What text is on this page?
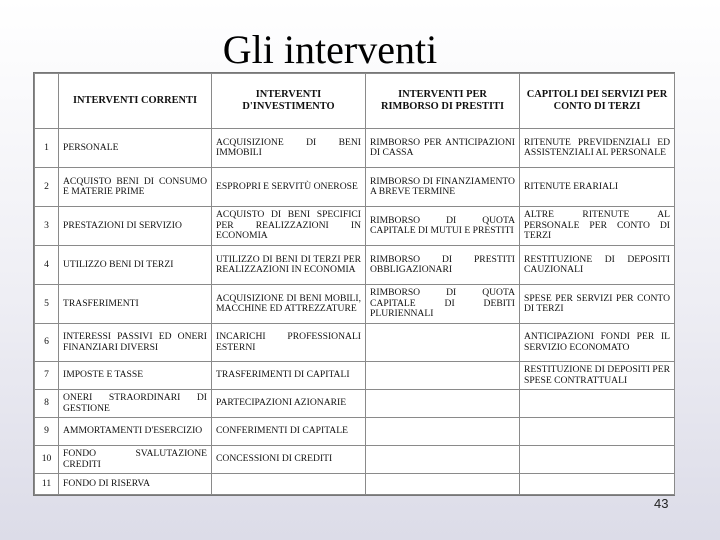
Gli interventi
	INTERVENTI CORRENTI	INTERVENTI D'INVESTIMENTO	INTERVENTI PER RIMBORSO DI PRESTITI	CAPITOLI DEI SERVIZI PER CONTO DI TERZI
1	PERSONALE	ACQUISIZIONE DI BENI IMMOBILI	RIMBORSO PER ANTICIPAZIONI DI CASSA	RITENUTE PREVIDENZIALI ED ASSISTENZIALI AL PERSONALE
2	ACQUISTO BENI DI CONSUMO E MATERIE PRIME	ESPROPRI E SERVITÙ ONEROSE	RIMBORSO DI FINANZIAMENTO A BREVE TERMINE	RITENUTE ERARIALI
3	PRESTAZIONI DI SERVIZIO	ACQUISTO DI BENI SPECIFICI PER REALIZZAZIONI IN ECONOMIA	RIMBORSO DI QUOTA CAPITALE DI MUTUI E PRESTITI	ALTRE RITENUTE AL PERSONALE PER CONTO DI TERZI
4	UTILIZZO BENI DI TERZI	UTILIZZO DI BENI DI TERZI PER REALIZZAZIONI IN ECONOMIA	RIMBORSO DI PRESTITI OBBLIGAZIONARI	RESTITUZIONE DI DEPOSITI CAUZIONALI
5	TRASFERIMENTI	ACQUISIZIONE DI BENI MOBILI, MACCHINE ED ATTREZZATURE	RIMBORSO DI QUOTA CAPITALE DI DEBITI PLURIENNALI	SPESE PER SERVIZI PER CONTO DI TERZI
6	INTERESSI PASSIVI ED ONERI FINANZIARI DIVERSI	INCARICHI PROFESSIONALI ESTERNI		ANTICIPAZIONI FONDI PER IL SERVIZIO ECONOMATO
7	IMPOSTE E TASSE	TRASFERIMENTI DI CAPITALI		RESTITUZIONE DI DEPOSITI PER SPESE CONTRATTUALI
8	ONERI STRAORDINARI DI GESTIONE	PARTECIPAZIONI AZIONARIE		
9	AMMORTAMENTI D'ESERCIZIO	CONFERIMENTI DI CAPITALE		
10	FONDO SVALUTAZIONE CREDITI	CONCESSIONI DI CREDITI		
11	FONDO DI RISERVA			
43
